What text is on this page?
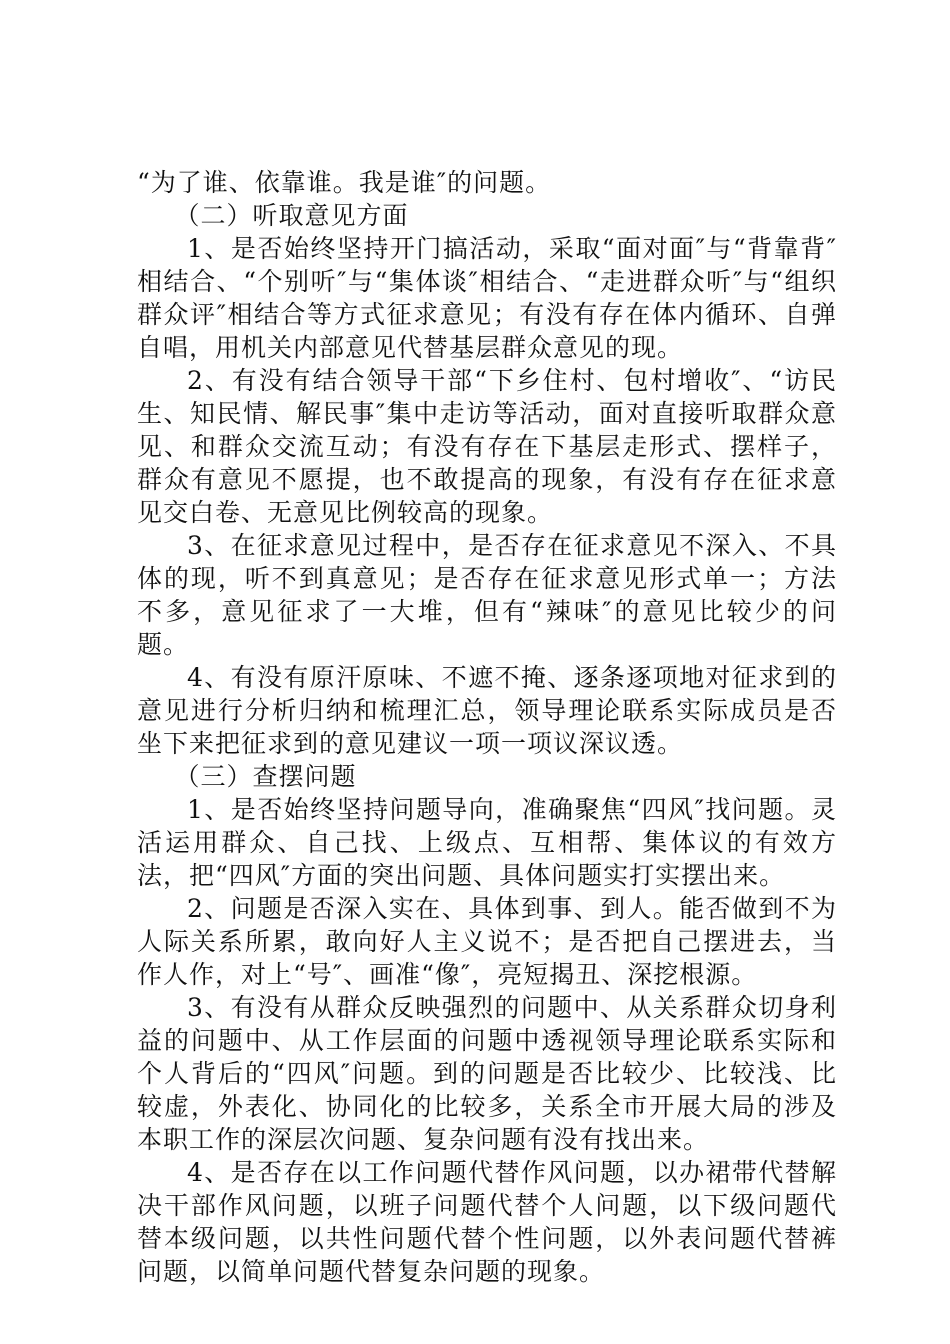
“为了谁、依靠谁。我是谁″的问题。

（二）听取意见方面

1、是否始终坚持开门搞活动，采取“面对面″与“背靠背″相结合、“个别听″与“集体谈″相结合、“走进群众听″与“组织群众评″相结合等方式征求意见；有没有存在体内循环、自弹自唱，用机关内部意见代替基层群众意见的现。

2、有没有结合领导干部“下乡住村、包村增收″、“访民生、知民情、解民事″集中走访等活动，面对直接听取群众意见、和群众交流互动；有没有存在下基层走形式、摆样子，群众有意见不愿提，也不敢提高的现象，有没有存在征求意见交白卷、无意见比例较高的现象。

3、在征求意见过程中，是否存在征求意见不深入、不具体的现，听不到真意见；是否存在征求意见形式单一；方法不多，意见征求了一大堆，但有“辣味″的意见比较少的问题。

4、有没有原汗原味、不遮不掩、逐条逐项地对征求到的意见进行分析归纳和梳理汇总，领导理论联系实际成员是否坐下来把征求到的意见建议一项一项议深议透。

（三）查摆问题

1、是否始终坚持问题导向，准确聚焦“四风″找问题。灵活运用群众、自己找、上级点、互相帮、集体议的有效方法，把“四风″方面的突出问题、具体问题实打实摆出来。

2、问题是否深入实在、具体到事、到人。能否做到不为人际关系所累，敢向好人主义说不；是否把自己摆进去，当作人作，对上“号″、画准“像″，亮短揭丑、深挖根源。

3、有没有从群众反映强烈的问题中、从关系群众切身利益的问题中、从工作层面的问题中透视领导理论联系实际和个人背后的“四风″问题。到的问题是否比较少、比较浅、比较虚，外表化、协同化的比较多，关系全市开展大局的涉及本职工作的深层次问题、复杂问题有没有找出来。

4、是否存在以工作问题代替作风问题，以办裙带代替解决干部作风问题，以班子问题代替个人问题，以下级问题代替本级问题，以共性问题代替个性问题，以外表问题代替裤问题，以简单问题代替复杂问题的现象。
